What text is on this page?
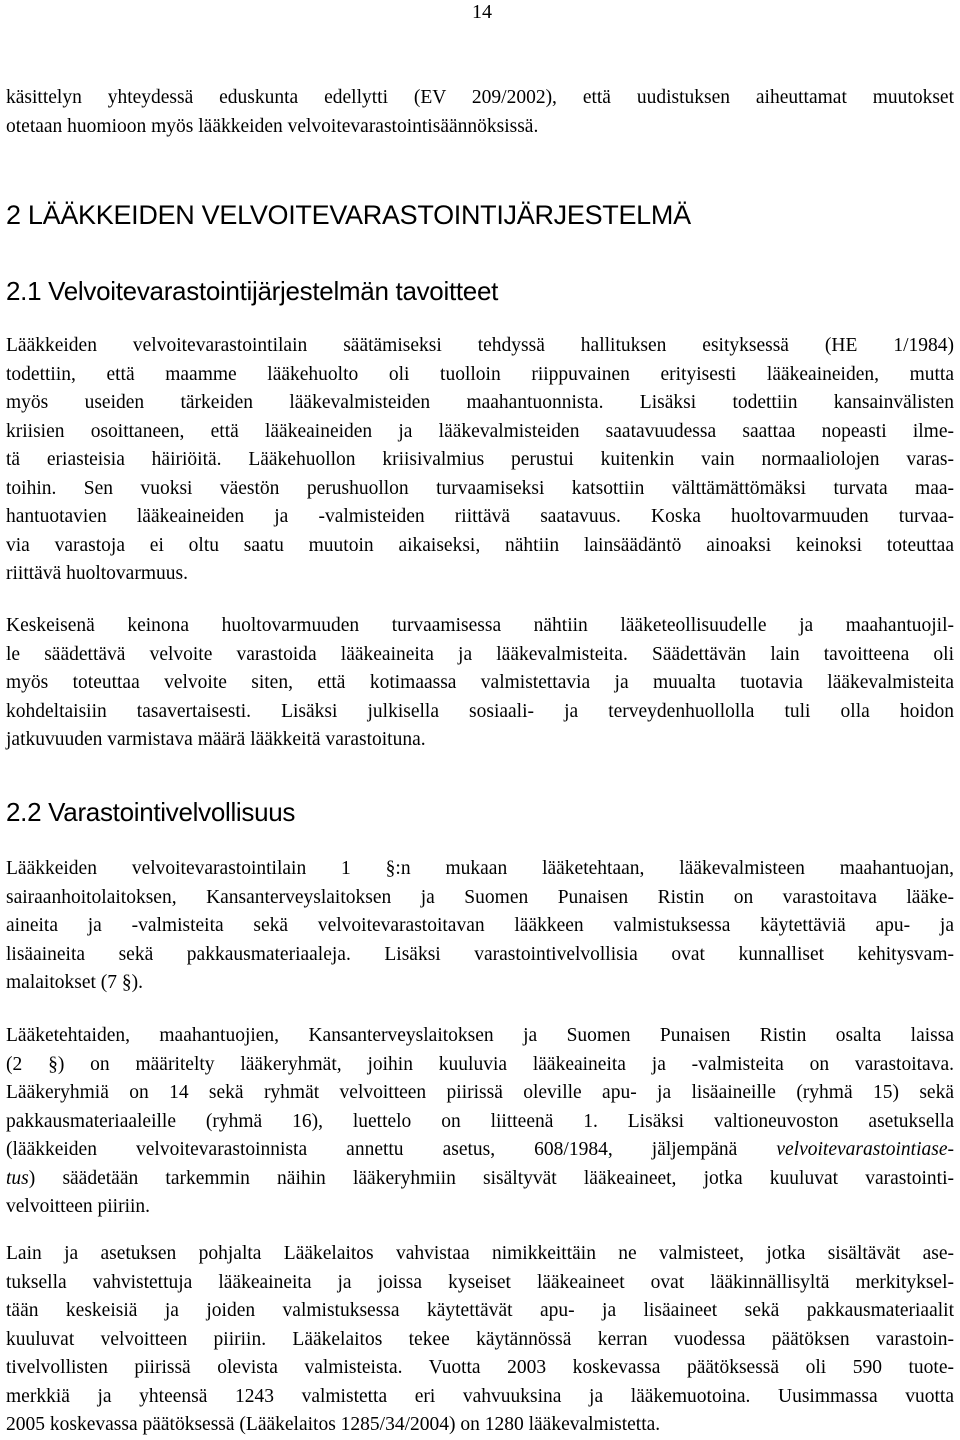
14

käsittelyn yhteydessä eduskunta edellytti (EV 209/2002), että uudistuksen aiheuttamat muutokset
otetaan huomioon myös lääkkeiden velvoitevarastointisäännöksissä.

2 LÄÄKKEIDEN VELVOITEVARASTOINTIJÄRJESTELMÄ
2.1 Velvoitevarastointijärjestelmän tavoitteet

Lääkkeiden velvoitevarastointilain säätämiseksi tehdyssä hallituksen esityksessä (HE 1/1984)
todettiin, että maamme lääkehuolto oli tuolloin riippuvainen erityisesti lääkeaineiden, mutta
myös useiden tärkeiden lääkevalmisteiden maahantuonnista. Lisäksi todettiin kansainvälisten
kriisien osoittaneen, että lääkeaineiden ja lääkevalmisteiden saatavuudessa saattaa nopeasti ilme-
tä eriasteisia häiriöitä. Lääkehuollon kriisivalmius perustui kuitenkin vain normaaliolojen varas-
toihin. Sen vuoksi väestön perushuollon turvaamiseksi katsottiin välttämättömäksi turvata maa-
hantuotavien lääkeaineiden ja -valmisteiden riittävä saatavuus. Koska huoltovarmuuden turvaa-
via varastoja ei oltu saatu muutoin aikaiseksi, nähtiin lainsäädäntö ainoaksi keinoksi toteuttaa
riittävä huoltovarmuus.

Keskeisenä keinona huoltovarmuuden turvaamisessa nähtiin lääketeollisuudelle ja maahantuojil-
le säädettävä velvoite varastoida lääkeaineita ja lääkevalmisteita. Säädettävän lain tavoitteena oli
myös toteuttaa velvoite siten, että kotimaassa valmistettavia ja muualta tuotavia lääkevalmisteita
kohdeltaisiin tasavertaisesti. Lisäksi julkisella sosiaali- ja terveydenhuollolla tuli olla hoidon
jatkuvuuden varmistava määrä lääkkeitä varastoituna.

2.2 Varastointivelvollisuus

Lääkkeiden velvoitevarastointilain 1 §:n mukaan lääketehtaan, lääkevalmisteen maahantuojan,
sairaanhoitolaitoksen, Kansanterveyslaitoksen ja Suomen Punaisen Ristin on varastoitava lääke-
aineita ja -valmisteita sekä velvoitevarastoitavan lääkkeen valmistuksessa käytettäviä apu- ja
lisäaineita sekä pakkausmateriaaleja. Lisäksi varastointivelvollisia ovat kunnalliset kehitysvam-
malaitokset (7 §).

Lääketehtaiden, maahantuojien, Kansanterveyslaitoksen ja Suomen Punaisen Ristin osalta laissa
(2 §) on määritelty lääkeryhmät, joihin kuuluvia lääkeaineita ja -valmisteita on varastoitava.
Lääkeryhmiä on 14 sekä ryhmät velvoitteen piirissä oleville apu- ja lisäaineille (ryhmä 15) sekä
pakkausmateriaaleille (ryhmä 16), luettelo on liitteenä 1. Lisäksi valtioneuvoston asetuksella
(lääkkeiden velvoitevarastoinnista annettu asetus, 608/1984, jäljempänä velvoitevarastointiase-
tus) säädetään tarkemmin näihin lääkeryhmiin sisältyvät lääkeaineet, jotka kuuluvat varastointi-
velvoitteen piiriin.

Lain ja asetuksen pohjalta Lääkelaitos vahvistaa nimikkeittäin ne valmisteet, jotka sisältävät ase-
tuksella vahvistettuja lääkeaineita ja joissa kyseiset lääkeaineet ovat lääkinnällisyltä merkityksel-
tään keskeisiä ja joiden valmistuksessa käytettävät apu- ja lisäaineet sekä pakkausmateriaalit
kuuluvat velvoitteen piiriin. Lääkelaitos tekee käytännössä kerran vuodessa päätöksen varastoin-
tivelvollisten piirissä olevista valmisteista. Vuotta 2003 koskevassa päätöksessä oli 590 tuote-
merkkiä ja yhteensä 1243 valmistetta eri vahvuuksina ja lääkemuotoina. Uusimmassa vuotta
2005 koskevassa päätöksessä (Lääkelaitos 1285/34/2004) on 1280 lääkevalmistetta.
